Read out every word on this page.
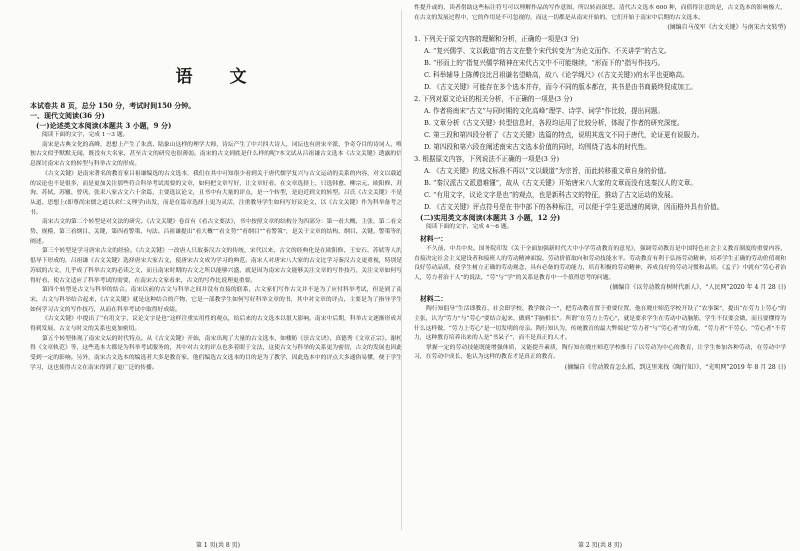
语　文
本试卷共 8 页，总分 150 分，考试时间150 分钟。
一、现代文阅读(36 分)
(一)论述类文本阅读(本题共 3 小题，9 分)

阅读下面的文字，完成 1～3 题。

南宋是古典文化的高峰，思想上产生了朱熹、陆象山这样的理学大师，诗坛产生了中兴四大诗人，词坛也有唐宋辛派，争奇夺目的诗词人，唯独古文似乎默默无闻，既没有大名家，甚至古文的研究也很薄弱。南宋的古文到底是什么样的呢?本文试从吕祖谦古文选本《古文关键》透露的信息探讨南宋古文的转型与科举古文的形成。

《古文关键》是南宋著名的教育家吕祖谦编选的古文选本，我们在其中可知很少看到关于唐代儒学复兴与古文运动的关系的内容，对文以载道的议论也不是很多，而是更加关注那些符合科举考试需要的文章，如何把文章写好，让文章好看。在文章选择上，只选韩愈、柳宗元、欧阳修、苏洵、苏轼、苏辙、曾巩、张耒八家古文六十余篇，主要选议论文，且书中有大量的评点，是一个转型，是迫近到文的转型。吕氏《古文关键》不是从道、思想上(即尊尚宋儒之道以求仁义理学)出发，而是在篇章选择上更为灵活，注重教导学生如何写好议论文，以《古文关键》作为科举备考之书。

南宋古文的第二个转型是对文法的研究。《古文关键》卷首有《看古文要法》，书中按照文章的结构分为四部分：第一看大概、主张，第二看文势、规模，第三看纲目、关键，第四看警策、句法。吕祖谦提出“看大概”“看文势”“看纲目”“看警策”，是关于文章的结构、纲目、关键、警策等的阐述。

第三个转型是学习唐宋古文的经验。《古文关键》一改唐人只取秦汉古文的传统，宋代以来，古文的经典化是在欧阳修、王安石、苏轼等人的倡导下形成的，吕祖谦《古文关键》选择唐宋大家古文，使唐宋古文成为学习的典范。南宋人对唐宋八大家的古文比学习秦汉古文更重视，特别是苏轼的古文，几乎成了科举古文的必读之文，而且南宋时期的古文之所以能够兴盛，就是因为南宋古文能够关注文章的写作技巧，关注文章如何写得好看，使古文适应了科举考试的需要，在南宋古文家看来，古文的写作比说理更重要。

第四个转型是古文与科举的结合。南宋以前的古文与科举之间并没有直接的联系，古文家们写作古文并不是为了应付科举考试，但是到了南宋，古文与科举结合起来，《古文关键》就是这种结合的产物，它是一部教学生如何写好科举文章的书，其中对文章的评点，主要是为了指导学生如何学习古文的写作技巧，从而在科举考试中取得好成绩。

《古文关键》中提出了“有用文字，议论文字是也”这样注重实用性的观点，给后来的古文选本以很大影响。南宋中后期，科举古文逐渐形成并得到发展，古文与时文的关系也更加密切。

第五个转型体现了南宋文坛的时代特点。从《古文关键》开始，南宋出现了大量的古文选本，如楼昉《崇古文诀》、真德秀《文章正宗》、谢枋得《文章轨范》等，这些选本大都是为科举考试服务的，其中对古文的评点也多着眼于文法，这使古文与科举的关系更为密切，古文的发展也因此受到一定的影响。另外，南宋古文选本的编选者大多是教育家，他们编选古文选本的目的是为了教学，因此选本中的评点大多通俗易懂，便于学生学习，这也使得古文在南宋得到了更广泛的传播。

性提升或的，读者借助这些标注符号可以理解作品的写作意图，所以转而深思。清代古文选本 600 种，而值得注意的是，古文选本的影响极大，在古文的发展过程中，它的作用是不可忽视的，而这一切都是从南宋开始的，它们开始于南宋中后期的古文选本。

(摘编自马茂军《古文关键》与南宋古文转型)
1. 下列关于原文内容的理解和分析，正确的一项是(3 分)
A. “复兴儒学、文以载道”的古文在整个宋代转变为“为论文而作、不关讲学”的古文。
B. “形而上的”指复兴儒学精神在宋代古文中不可能继续，“形而下的”指写作技巧。
C. 科举辅导上陈傅良比吕祖谦名望略高，故八《论学绳尺》(《古文关键》)的水平也更略高。
D. 《古文关键》可能存在多个选本并存，而今不同的版本都在，其书是由书商最终促成加工。
2. 下列对原文论证的相关分析，不正确的一项是(3 分)
A. 作者将南宋“古文”与同时期的文化高峰“理学、诗学、词学”作比较，提出问题。
B. 文章分析《古文关键》转型信息时，各段均运用了比较分析，体现了作者的研究深度。
C. 第三段和第四段分析了《古文关键》选篇的特点，说明其选文不同于唐代，论证更有说服力。
D. 第四段和第六段在阐述南宋古文选本价值的同时，均围绕了选本的时代性。
3. 根据原文内容，下列说法不正确的一项是(3 分)
A. 《古文关键》的选文标准不再以“文以载道”为宗旨，而此转移重文章自身的价值。
B. “秦汉派古文派遗难懂”，故从《古文关键》开始唐宋八大家的文章而没有选秦汉人的文章。
C. “有用文字，议论文字是也”的观点，也是新科古文的特征，推动了古文运动的发展。
D. 《古文关键》评点符号是在书中部下的各种标注，可以便于学生更迅速的阅读，因而格外具有价值。
(二)实用类文本阅读(本题共 3 小题，12 分)

阅读下面的文字，完成 4～6 题。

材料一：

不久前，中共中央、国务院印发《关于全面加强新时代大中小学劳动教育的意见》，强调劳动教育是中国特色社会主义教育制度的重要内容，直接决定社会主义建设者和接班人的劳动精神面貌、劳动价值取向和劳动技能水平。劳动教育有利于弘扬劳动精神，培养学生正确的劳动价值观和良好劳动品质，使学生树立正确的劳动观念，具有必备的劳动能力，培育积极的劳动精神，养成良好的劳动习惯和品质。《孟子》中就有“劳心者治人，劳力者治于人”的说法，“劳”与“学”的关系是教育中一个值得思考的问题。

(摘编自《以劳动教育树时代新人》，“人民网”2020 年 4 月 28 日)
材料二：

陶行知倡导“生活即教育、社会即学校、教学做合一”，把劳动教育置于重要位置，他在晓庄师范学校开设了“农事课”，提出“在劳力上劳心”的主张，认为“劳力”与“劳心”要结合起来，做到“手脑相长”。所谓“在劳力上劳心”，就是要求学生在劳动中动脑筋，学生不仅要会做，而且要懂得为什么这样做，“劳力上劳心”是一切发明的母亲。陶行知认为，传统教育的最大弊端是“劳力者”与“劳心者”的分离，“劳力者”不劳心，“劳心者”不劳力，这种教育培养出来的人是“书呆子”，而不是真正的人才。

掌握一定的劳动技能既能增强体质，又能提升素质，陶行知在晓庄师范学校推行了以劳动为中心的教育，让学生参加各种劳动，在劳动中学习，在劳动中成长，他认为这样的教育才是真正的教育。

(摘编自《劳动教育怎么抓，到这里来找《陶行知》》，“光明网”2019 年 8 月 28 日)
第 1 页(共 8 页)	第 2 页(共 8 页)
